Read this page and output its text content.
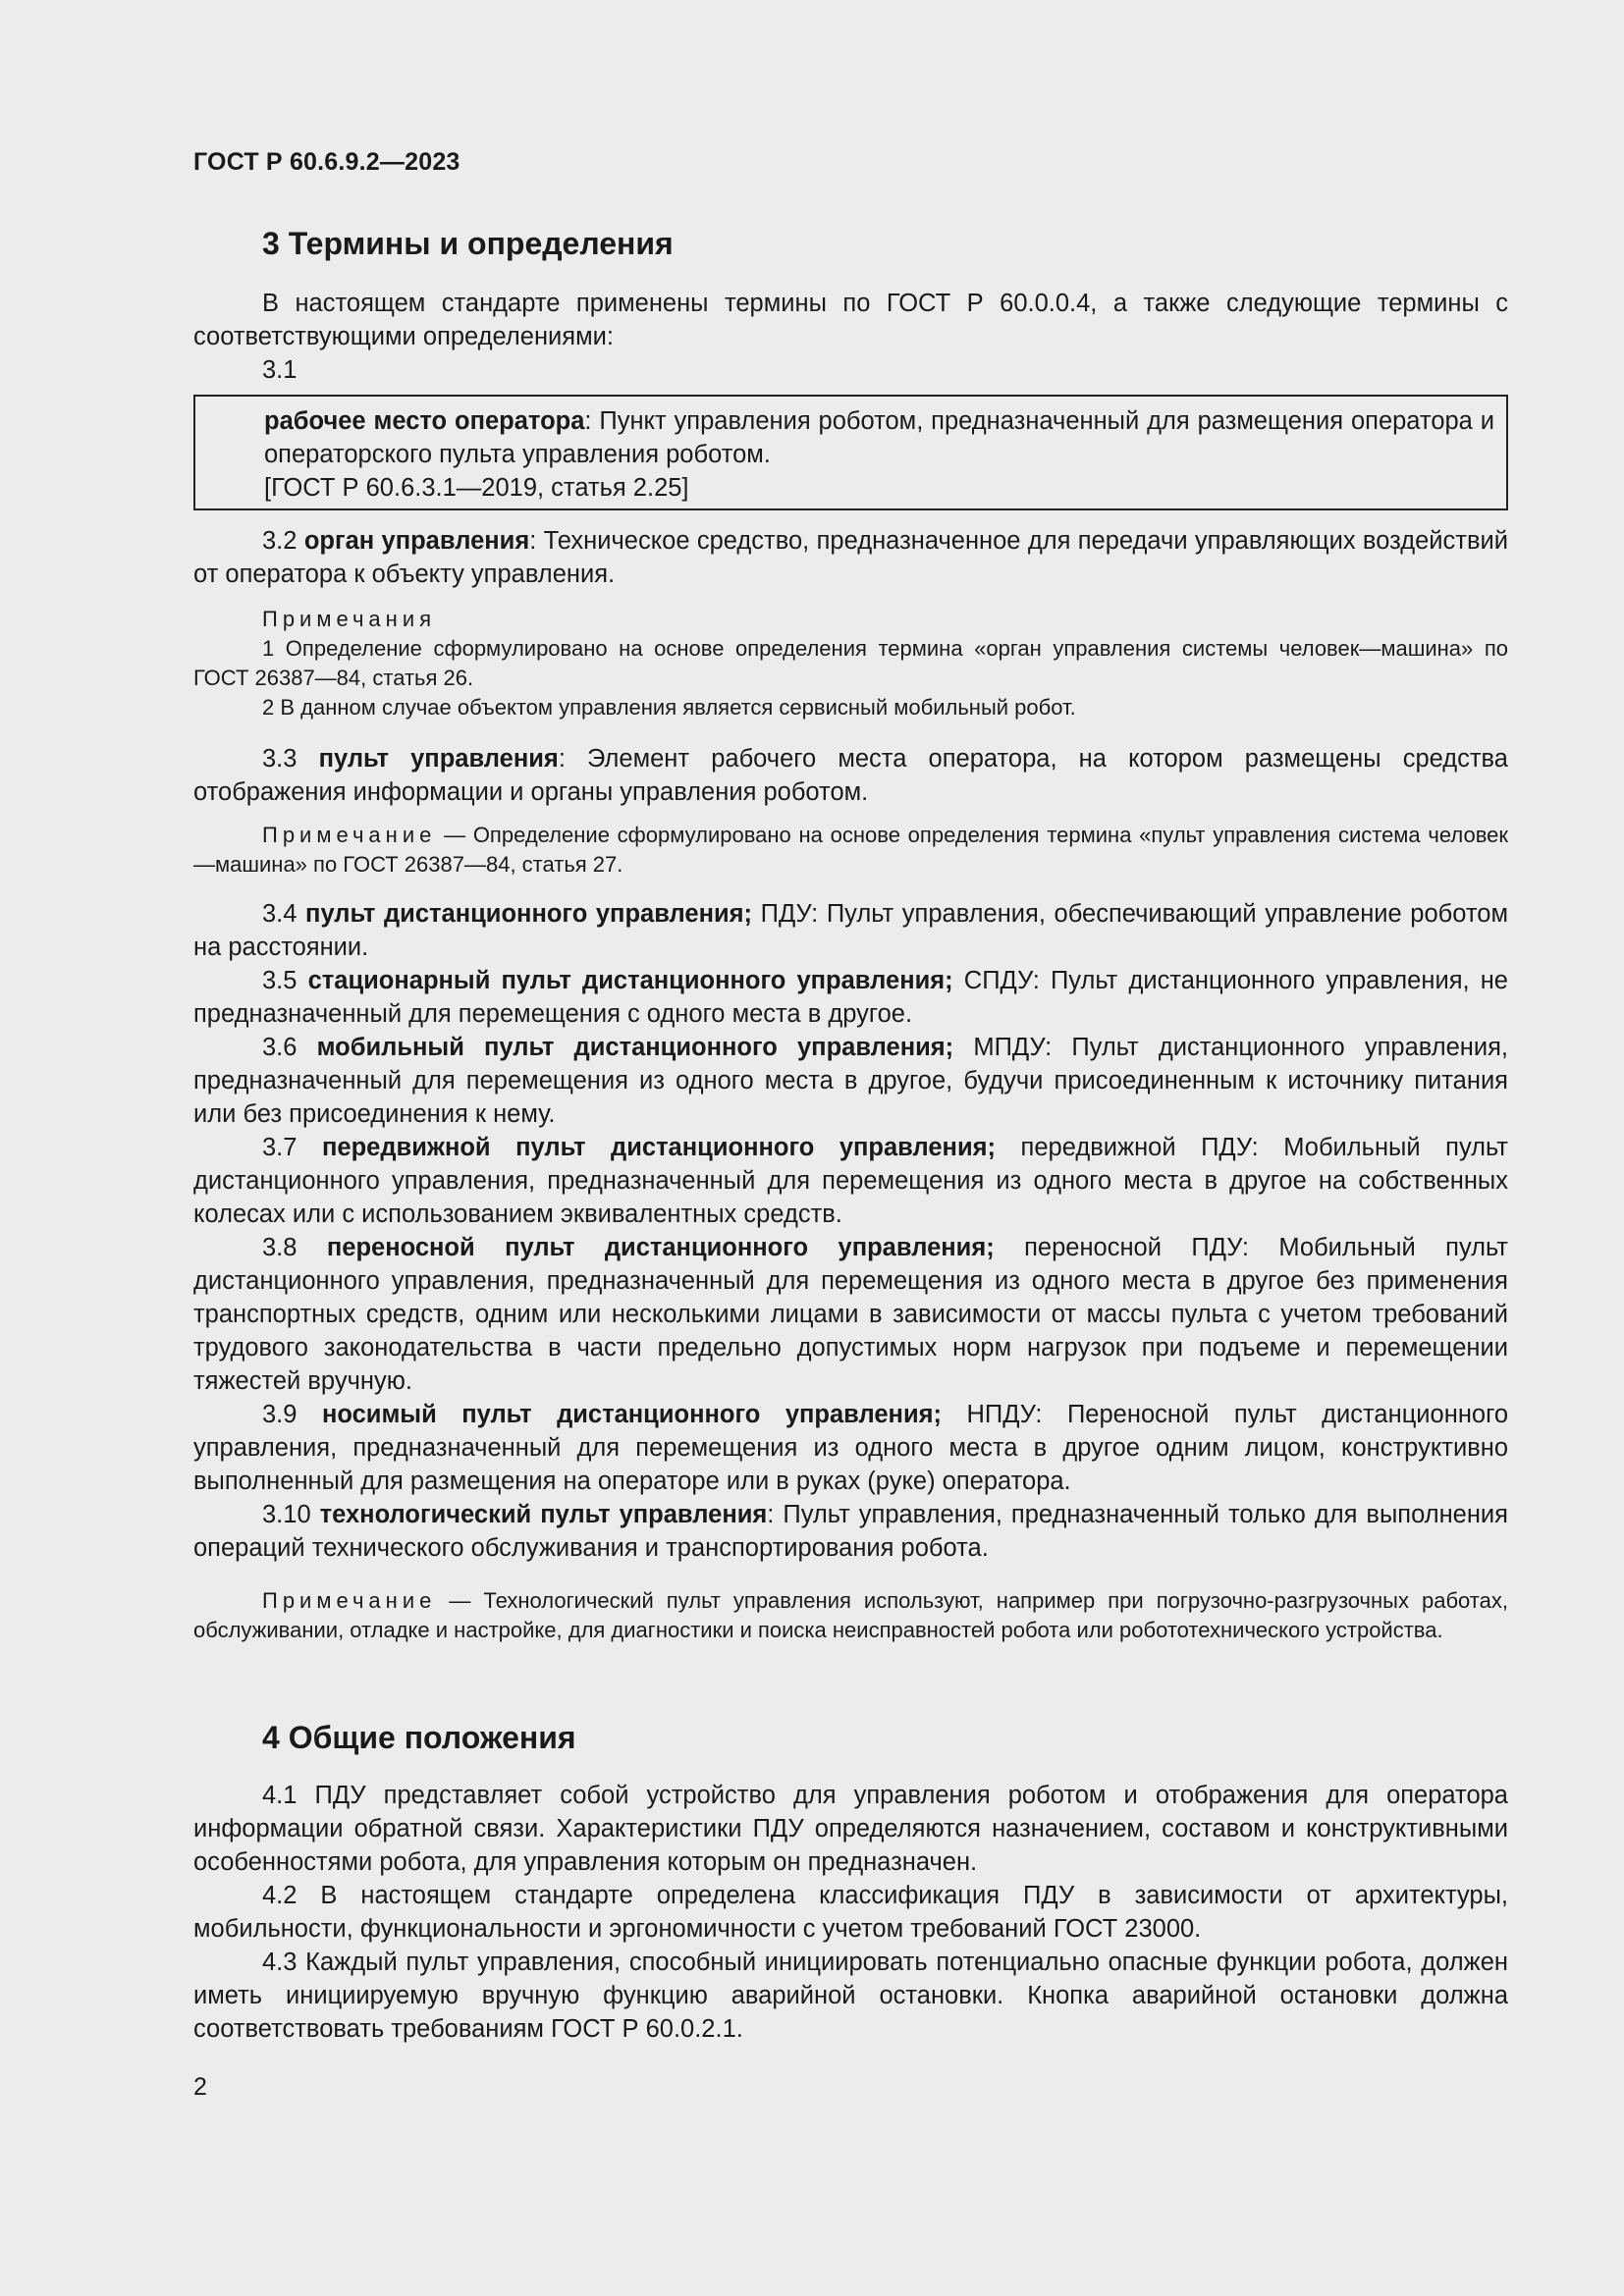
ГОСТ Р 60.6.9.2—2023
3 Термины и определения

В настоящем стандарте применены термины по ГОСТ Р 60.0.0.4, а также следующие термины с соответствующими определениями:

3.1

рабочее место оператора: Пункт управления роботом, предназначенный для размещения оператора и операторского пульта управления роботом.

[ГОСТ Р 60.6.3.1—2019, статья 2.25]

3.2 орган управления: Техническое средство, предназначенное для передачи управляющих воздействий от оператора к объекту управления.

Примечания

1 Определение сформулировано на основе определения термина «орган управления системы человек—машина» по ГОСТ 26387—84, статья 26.

2 В данном случае объектом управления является сервисный мобильный робот.

3.3 пульт управления: Элемент рабочего места оператора, на котором размещены средства отображения информации и органы управления роботом.

Примечание — Определение сформулировано на основе определения термина «пульт управления система человек—машина» по ГОСТ 26387—84, статья 27.

3.4 пульт дистанционного управления; ПДУ: Пульт управления, обеспечивающий управление роботом на расстоянии.

3.5 стационарный пульт дистанционного управления; СПДУ: Пульт дистанционного управления, не предназначенный для перемещения с одного места в другое.

3.6 мобильный пульт дистанционного управления; МПДУ: Пульт дистанционного управления, предназначенный для перемещения из одного места в другое, будучи присоединенным к источнику питания или без присоединения к нему.

3.7 передвижной пульт дистанционного управления; передвижной ПДУ: Мобильный пульт дистанционного управления, предназначенный для перемещения из одного места в другое на собственных колесах или с использованием эквивалентных средств.

3.8 переносной пульт дистанционного управления; переносной ПДУ: Мобильный пульт дистанционного управления, предназначенный для перемещения из одного места в другое без применения транспортных средств, одним или несколькими лицами в зависимости от массы пульта с учетом требований трудового законодательства в части предельно допустимых норм нагрузок при подъеме и перемещении тяжестей вручную.

3.9 носимый пульт дистанционного управления; НПДУ: Переносной пульт дистанционного управления, предназначенный для перемещения из одного места в другое одним лицом, конструктивно выполненный для размещения на операторе или в руках (руке) оператора.

3.10 технологический пульт управления: Пульт управления, предназначенный только для выполнения операций технического обслуживания и транспортирования робота.

Примечание — Технологический пульт управления используют, например при погрузочно-разгрузочных работах, обслуживании, отладке и настройке, для диагностики и поиска неисправностей робота или робототехнического устройства.

4 Общие положения

4.1 ПДУ представляет собой устройство для управления роботом и отображения для оператора информации обратной связи. Характеристики ПДУ определяются назначением, составом и конструктивными особенностями робота, для управления которым он предназначен.

4.2 В настоящем стандарте определена классификация ПДУ в зависимости от архитектуры, мобильности, функциональности и эргономичности с учетом требований ГОСТ 23000.

4.3 Каждый пульт управления, способный инициировать потенциально опасные функции робота, должен иметь инициируемую вручную функцию аварийной остановки. Кнопка аварийной остановки должна соответствовать требованиям ГОСТ Р 60.0.2.1.

2
